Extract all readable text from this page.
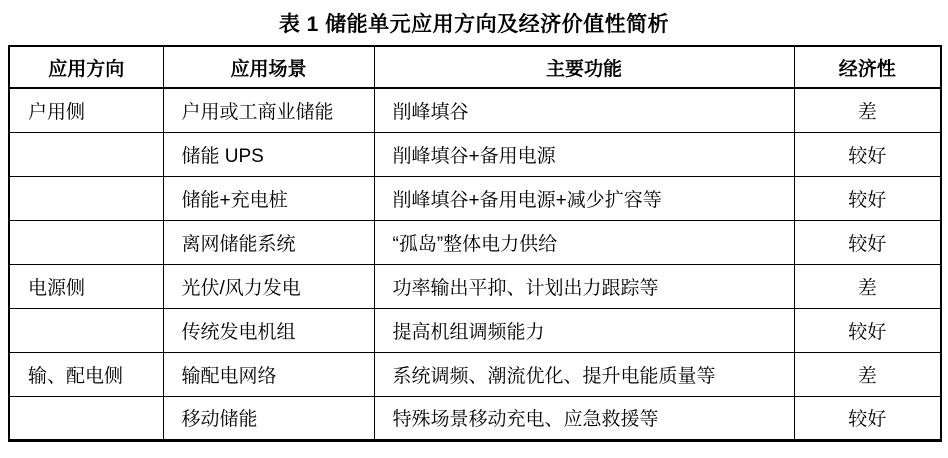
表 1 储能单元应用方向及经济价值性简析
应用方向	应用场景	主要功能	经济性
户用侧	户用或工商业储能	削峰填谷	差
	储能 UPS	削峰填谷+备用电源	较好
	储能+充电桩	削峰填谷+备用电源+减少扩容等	较好
	离网储能系统	“孤岛”整体电力供给	较好
电源侧	光伏/风力发电	功率输出平抑、计划出力跟踪等	差
	传统发电机组	提高机组调频能力	较好
输、配电侧	输配电网络	系统调频、潮流优化、提升电能质量等	差
	移动储能	特殊场景移动充电、应急救援等	较好
